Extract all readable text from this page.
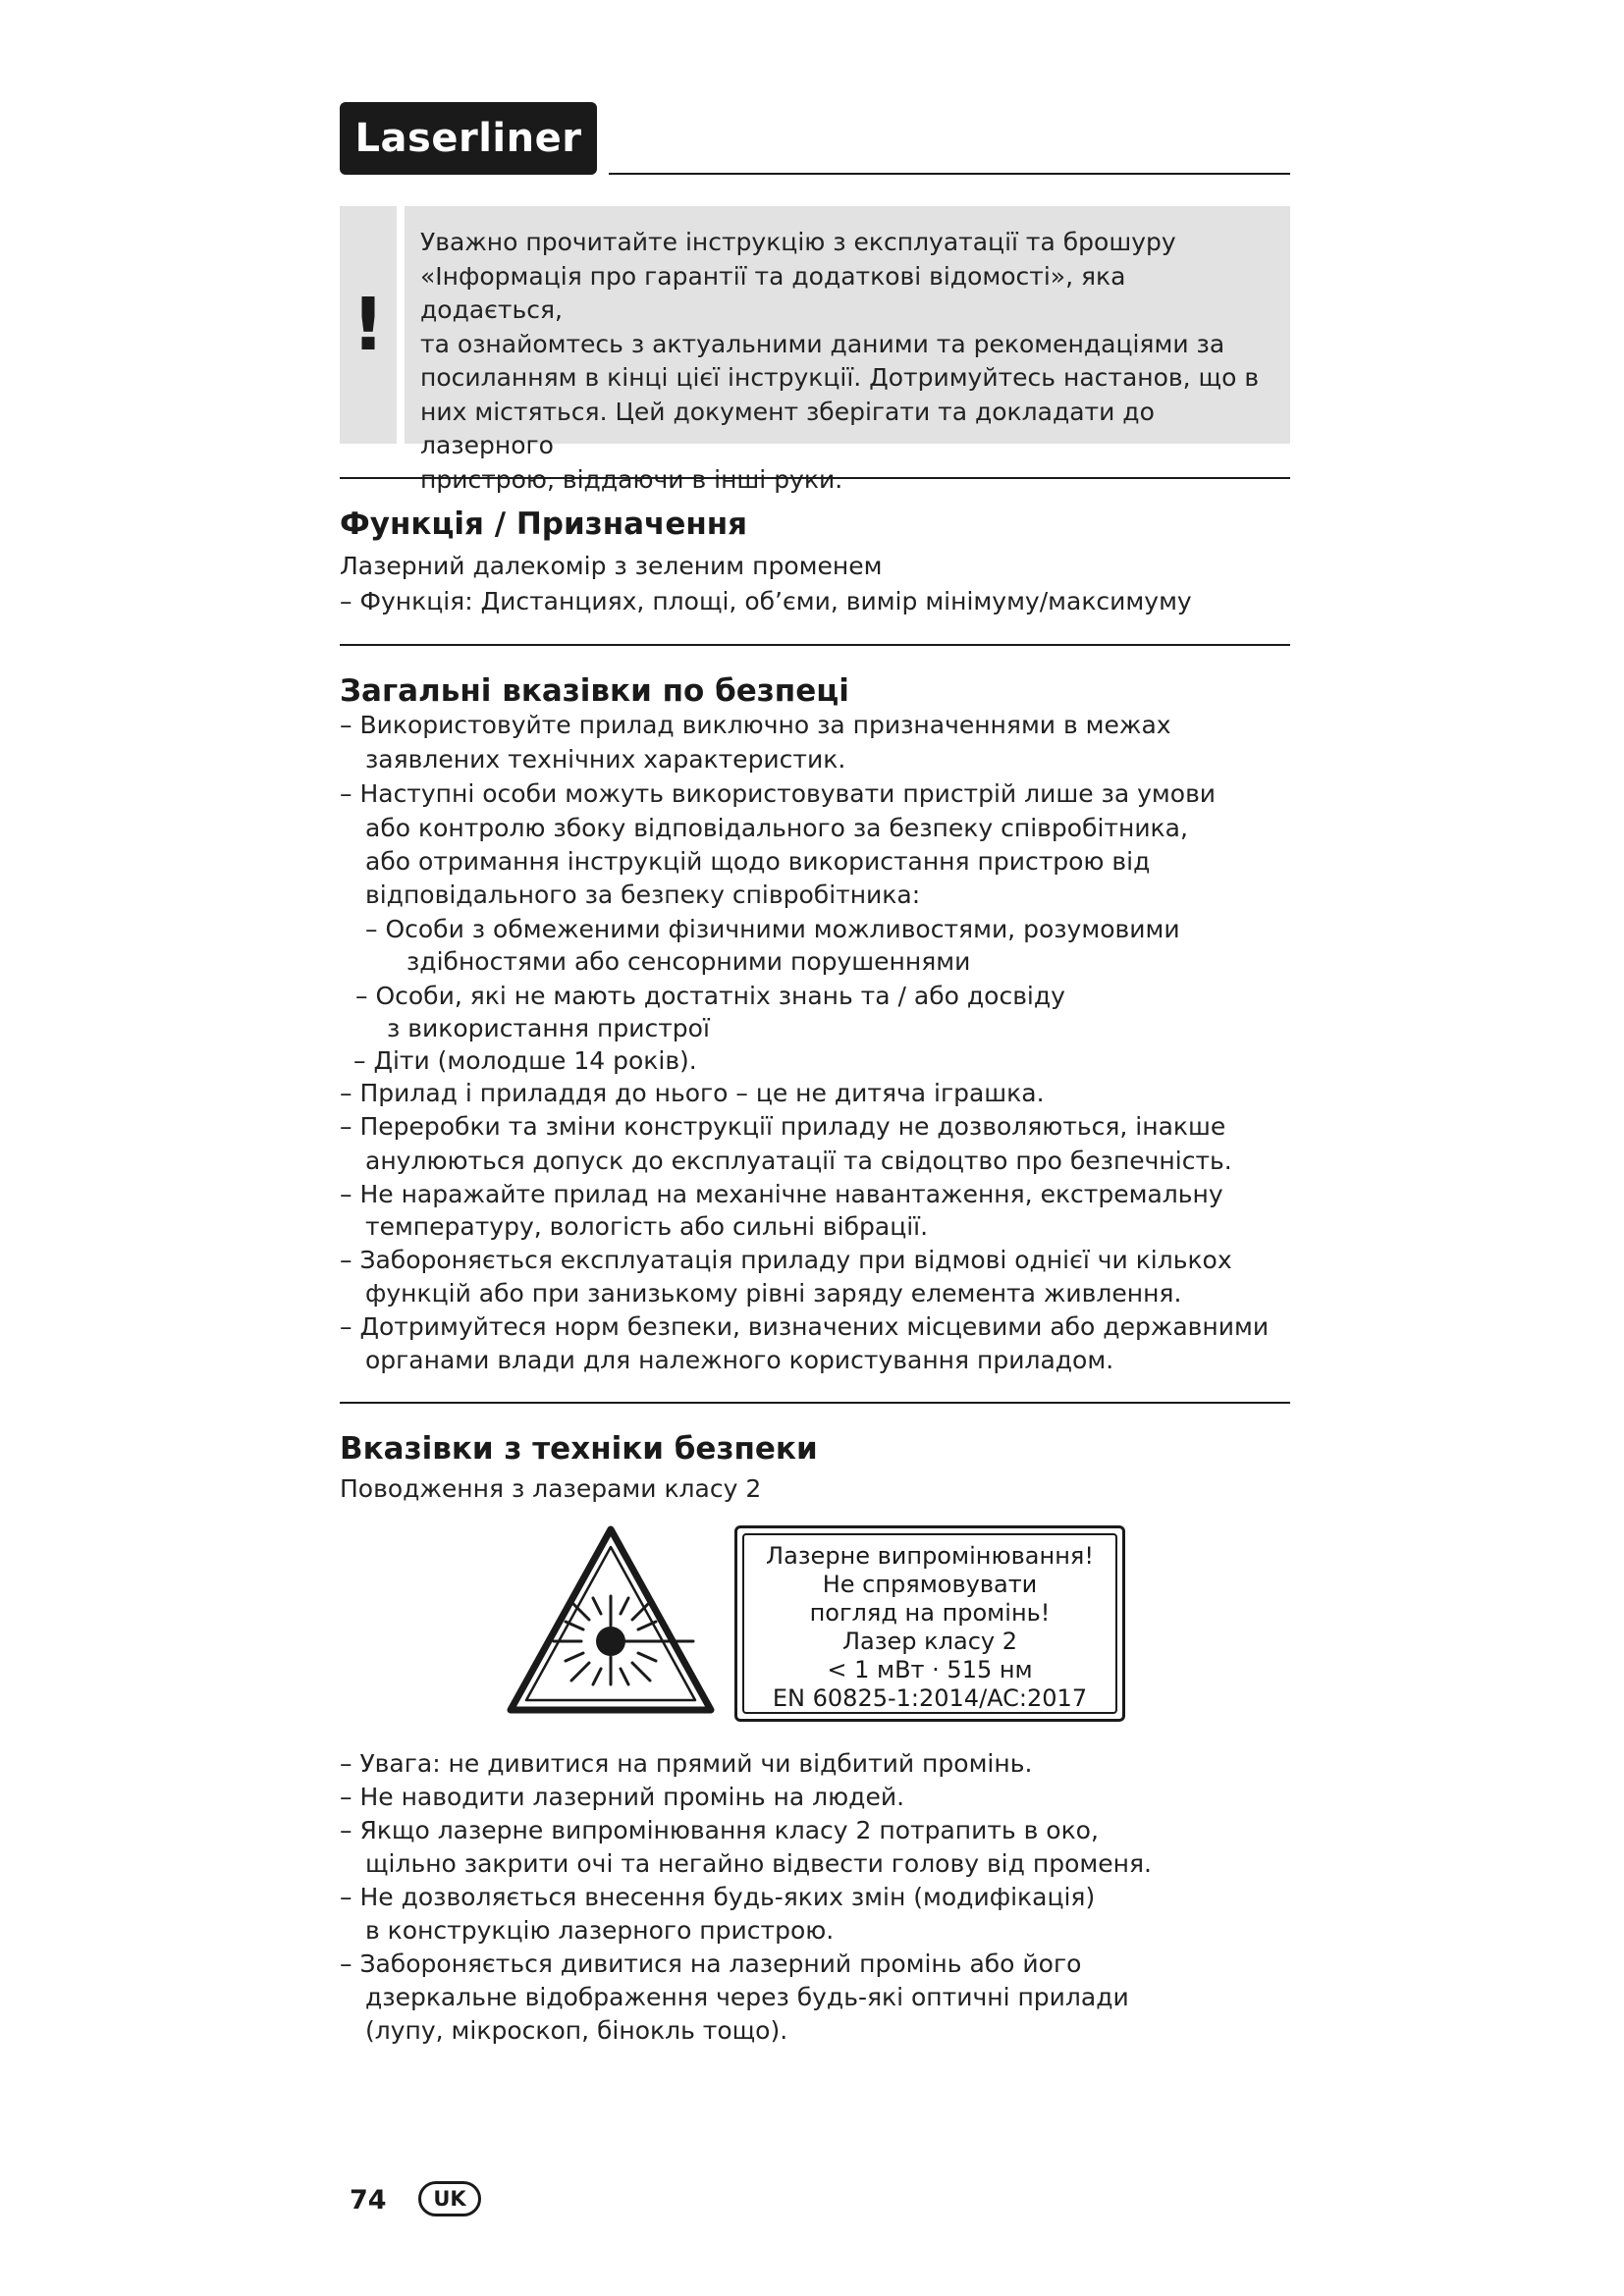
Laserliner
!
Уважно прочитайте інструкцію з експлуатації та брошуру
«Інформація про гарантії та додаткові відомості», яка додається,
та ознайомтесь з актуальними даними та рекомендаціями за
посиланням в кінці цієї інструкції. Дотримуйтесь настанов, що в
них містяться. Цей документ зберігати та докладати до лазерного
пристрою, віддаючи в інші руки.
Функція / Призначення
Лазерний далекомір з зеленим променем
– Функція: Дистанциях, площі, об’єми, вимір мінімуму/максимуму
Загальні вказівки по безпеці
– Використовуйте прилад виключно за призначеннями в межах
заявлених технічних характеристик.
– Наступні особи можуть використовувати пристрій лише за умови
або контролю збоку відповідального за безпеку співробітника,
або отримання інструкцій щодо використання пристрою від
відповідального за безпеку співробітника:
– Особи з обмеженими фізичними можливостями, розумовими
здібностями або сенсорними порушеннями
– Особи, які не мають достатніх знань та / або досвіду
з використання пристрої
– Діти (молодше 14 років).
– Прилад і приладдя до нього – це не дитяча іграшка.
– Переробки та зміни конструкції приладу не дозволяються, інакше
анулюються допуск до експлуатації та свідоцтво про безпечність.
– Не наражайте прилад на механічне навантаження, екстремальну
температуру, вологість або сильні вібрації.
– Забороняється експлуатація приладу при відмові однієї чи кількох
функцій або при занизькому рівні заряду елемента живлення.
– Дотримуйтеся норм безпеки, визначених місцевими або державними
органами влади для належного користування приладом.
Вказівки з техніки безпеки
Поводження з лазерами класу 2
Лазерне випромінювання!
Не спрямовувати
погляд на промінь!
Лазер класу 2
< 1 мВт · 515 нм
EN 60825-1:2014/AC:2017
– Увага: не дивитися на прямий чи відбитий промінь.
– Не наводити лазерний промінь на людей.
– Якщо лазерне випромінювання класу 2 потрапить в око,
щільно закрити очі та негайно відвести голову від променя.
– Не дозволяється внесення будь-яких змін (модифікація)
в конструкцію лазерного пристрою.
– Забороняється дивитися на лазерний промінь або його
дзеркальне відображення через будь-які оптичні прилади
(лупу, мікроскоп, бінокль тощо).
74	UK
